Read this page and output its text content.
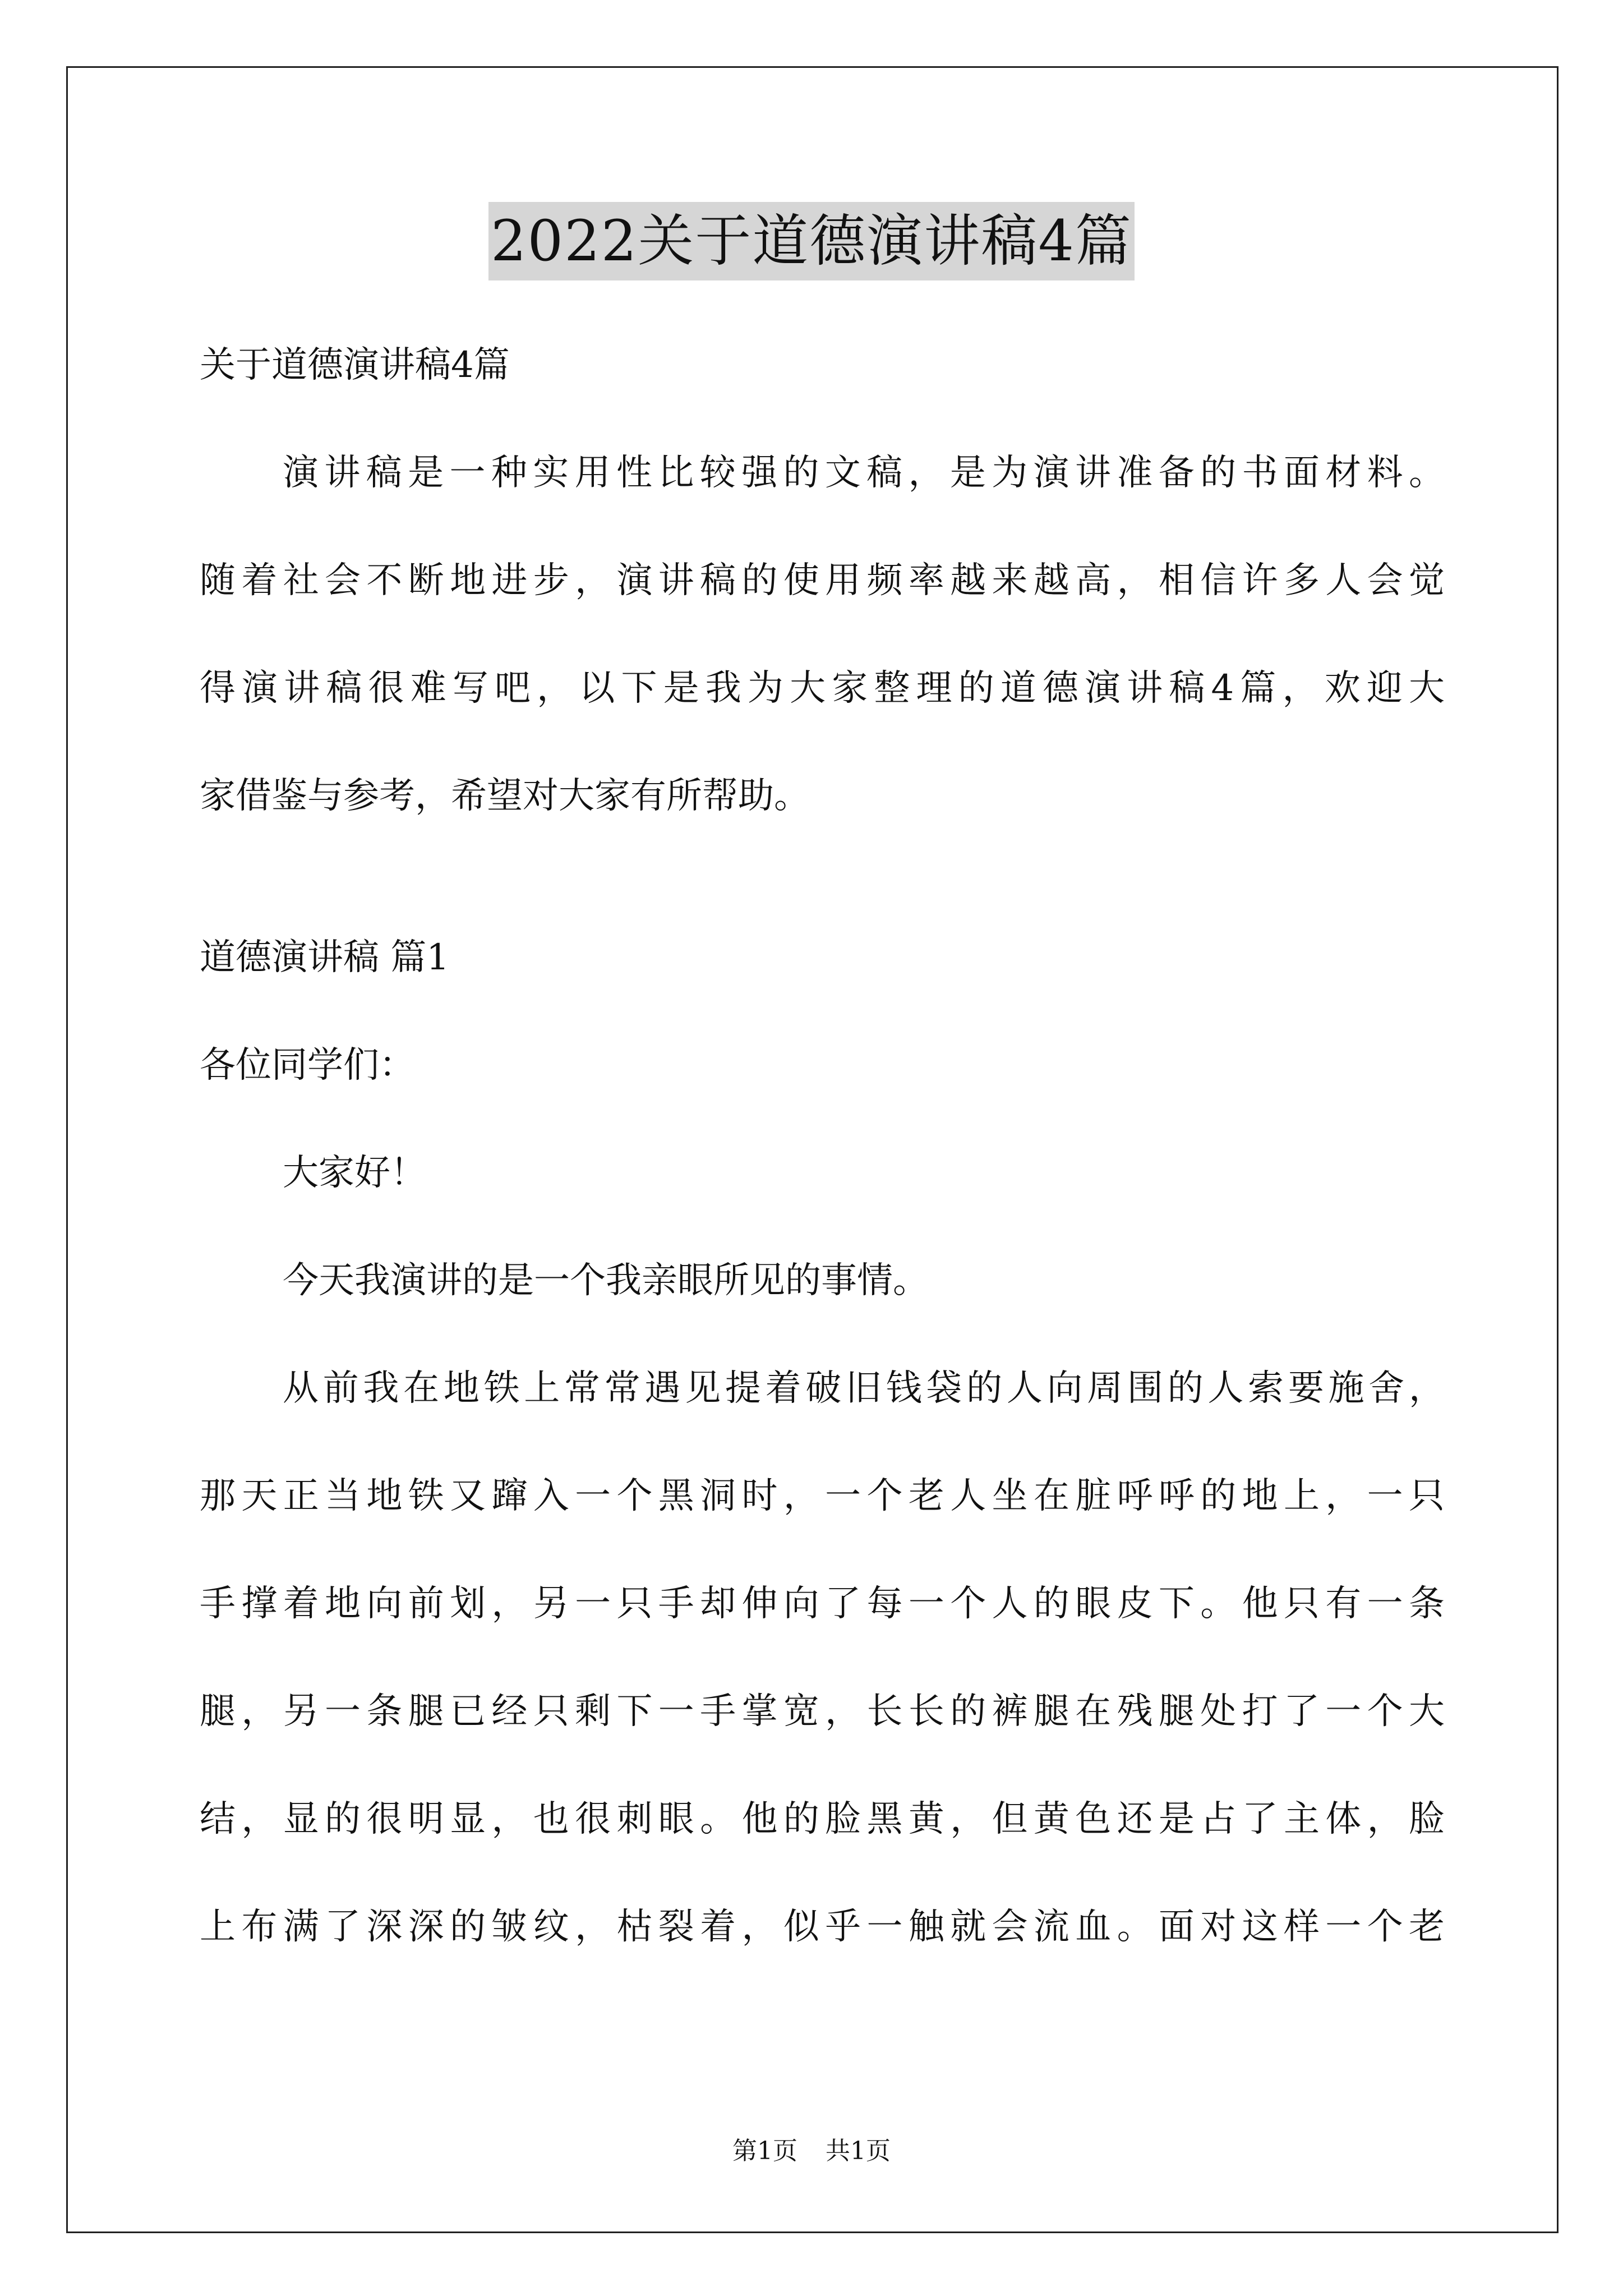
2022关于道德演讲稿4篇
关于道德演讲稿4篇
演讲稿是一种实用性比较强的文稿，是为演讲准备的书面材料。
随着社会不断地进步，演讲稿的使用频率越来越高，相信许多人会觉
得演讲稿很难写吧，以下是我为大家整理的道德演讲稿4篇，欢迎大
家借鉴与参考，希望对大家有所帮助。
道德演讲稿 篇1
各位同学们：
大家好！
今天我演讲的是一个我亲眼所见的事情。
从前我在地铁上常常遇见提着破旧钱袋的人向周围的人索要施舍，
那天正当地铁又蹿入一个黑洞时，一个老人坐在脏呼呼的地上，一只
手撑着地向前划，另一只手却伸向了每一个人的眼皮下。他只有一条
腿，另一条腿已经只剩下一手掌宽，长长的裤腿在残腿处打了一个大
结，显的很明显，也很刺眼。他的脸黑黄，但黄色还是占了主体，脸
上布满了深深的皱纹，枯裂着，似乎一触就会流血。面对这样一个老
第1页 共1页
